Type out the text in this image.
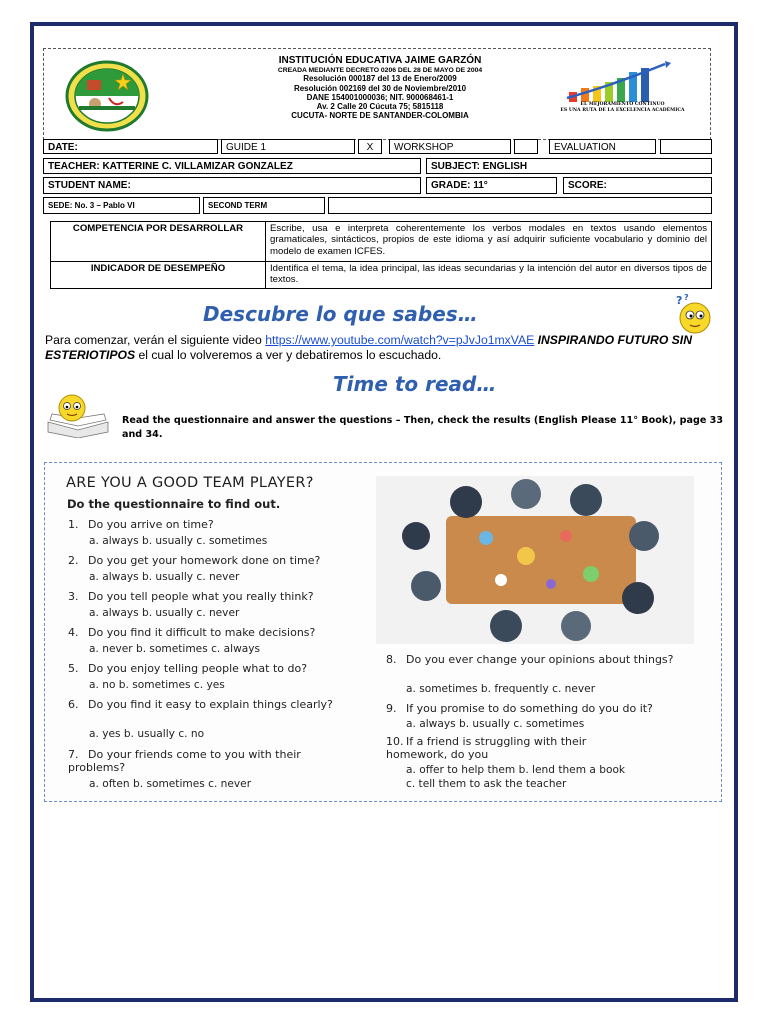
INSTITUCIÓN EDUCATIVA JAIME GARZÓN
CREADA MEDIANTE DECRETO 0206 DEL 28 DE MAYO DE 2004
Resolución 000187 del 13 de Enero/2009
Resolución 002169 del 30 de Noviembre/2010
DANE 154001000036; NIT. 900068461-1
Av. 2 Calle 20 Cúcuta 75; 5815118
CUCUTA- NORTE DE SANTANDER-COLOMBIA
EL MEJORAMIENTO CONTINUO
ES UNA RUTA DE LA EXCELENCIA ACADÉMICA
DATE:	GUIDE 1	X	WORKSHOP	EVALUATION
TEACHER: KATTERINE C. VILLAMIZAR GONZALEZ	SUBJECT: ENGLISH
STUDENT NAME:	GRADE: 11°	SCORE:
SEDE: No. 3 – Pablo VI	SECOND TERM
COMPETENCIA POR DESARROLLAR	Escribe, usa e interpreta coherentemente los verbos modales en textos usando elementos gramaticales, sintácticos, propios de este idioma y así adquirir suficiente vocabulario y dominio del modelo de examen ICFES.
INDICADOR DE DESEMPEÑO	Identifica el tema, la idea principal, las ideas secundarias y la intención del autor en diversos tipos de textos.
Descubre lo que sabes…
? ?
Para comenzar, verán el siguiente video https://www.youtube.com/watch?v=pJvJo1mxVAE INSPIRANDO FUTURO SIN ESTERIOTIPOS el cual lo volveremos a ver y debatiremos lo escuchado.
Time to read…
Read the questionnaire and answer the questions – Then, check the results (English Please 11° Book), page 33 and 34.
ARE YOU A GOOD TEAM PLAYER?
Do the questionnaire to find out.
1. Do you arrive on time?
a. always b. usually c. sometimes
2. Do you get your homework done on time?
a. always b. usually c. never
3. Do you tell people what you really think?
a. always b. usually c. never
4. Do you find it difficult to make decisions?
a. never b. sometimes c. always
5. Do you enjoy telling people what to do?
a. no b. sometimes c. yes
6. Do you find it easy to explain things clearly?
a. yes b. usually c. no
7. Do your friends come to you with their problems?
a. often b. sometimes c. never
8. Do you ever change your opinions about things?
a. sometimes b. frequently c. never
9. If you promise to do something do you do it?
a. always b. usually c. sometimes
10. If a friend is struggling with their homework, do you
a. offer to help them b. lend them a book
c. tell them to ask the teacher
